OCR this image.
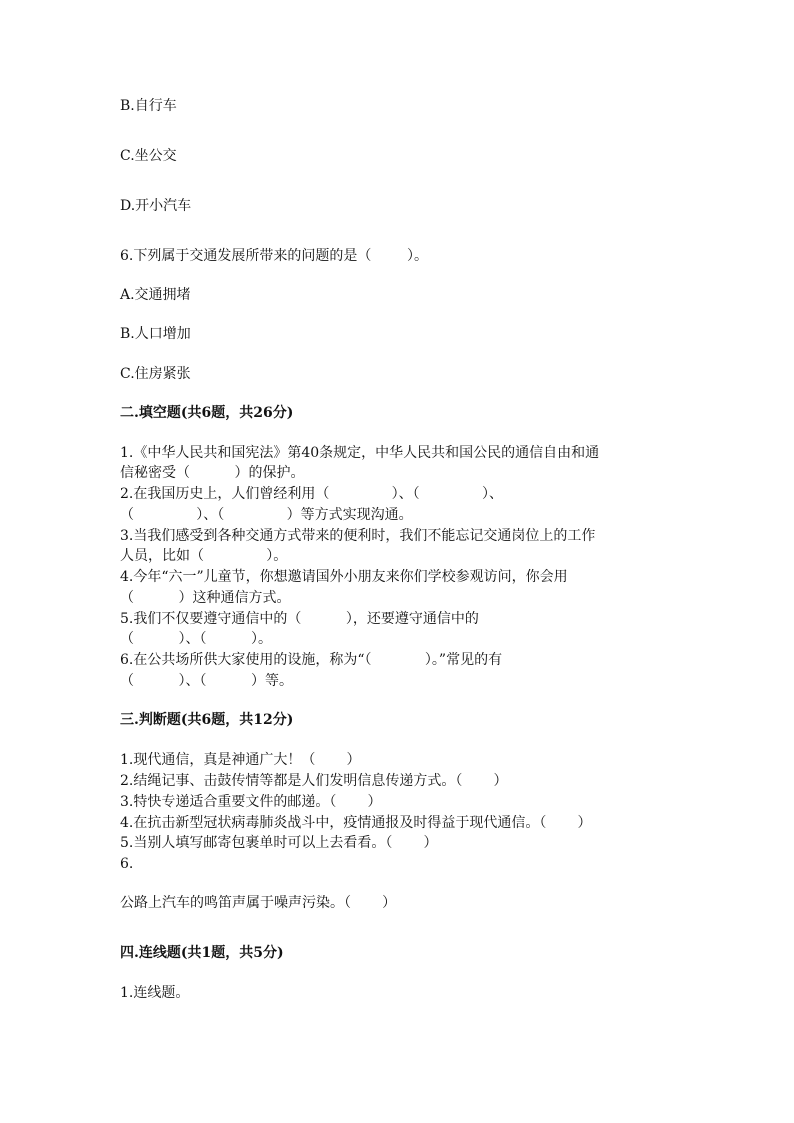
B.自行车
C.坐公交
D.开小汽车
6.下列属于交通发展所带来的问题的是（        ）。
A.交通拥堵
B.人口增加
C.住房紧张
二.填空题(共6题，共26分)
1.《中华人民共和国宪法》第40条规定，中华人民共和国公民的通信自由和通
信秘密受（          ）的保护。
2.在我国历史上，人们曾经利用（              ）、（              ）、
（              ）、（              ）等方式实现沟通。
3.当我们感受到各种交通方式带来的便利时，我们不能忘记交通岗位上的工作
人员，比如（              ）。
4.今年“六一”儿童节，你想邀请国外小朋友来你们学校参观访问，你会用
（          ）这种通信方式。
5.我们不仅要遵守通信中的（          ），还要遵守通信中的
（          ）、（          ）。
6.在公共场所供大家使用的设施，称为“（            ）。”常见的有
（          ）、（          ）等。
三.判断题(共6题，共12分)
1.现代通信，真是神通广大！（       ）
2.结绳记事、击鼓传情等都是人们发明信息传递方式。（       ）
3.特快专递适合重要文件的邮递。（       ）
4.在抗击新型冠状病毒肺炎战斗中，疫情通报及时得益于现代通信。（       ）
5.当别人填写邮寄包裹单时可以上去看看。（       ）
6.
公路上汽车的鸣笛声属于噪声污染。（       ）
四.连线题(共1题，共5分)
1.连线题。
